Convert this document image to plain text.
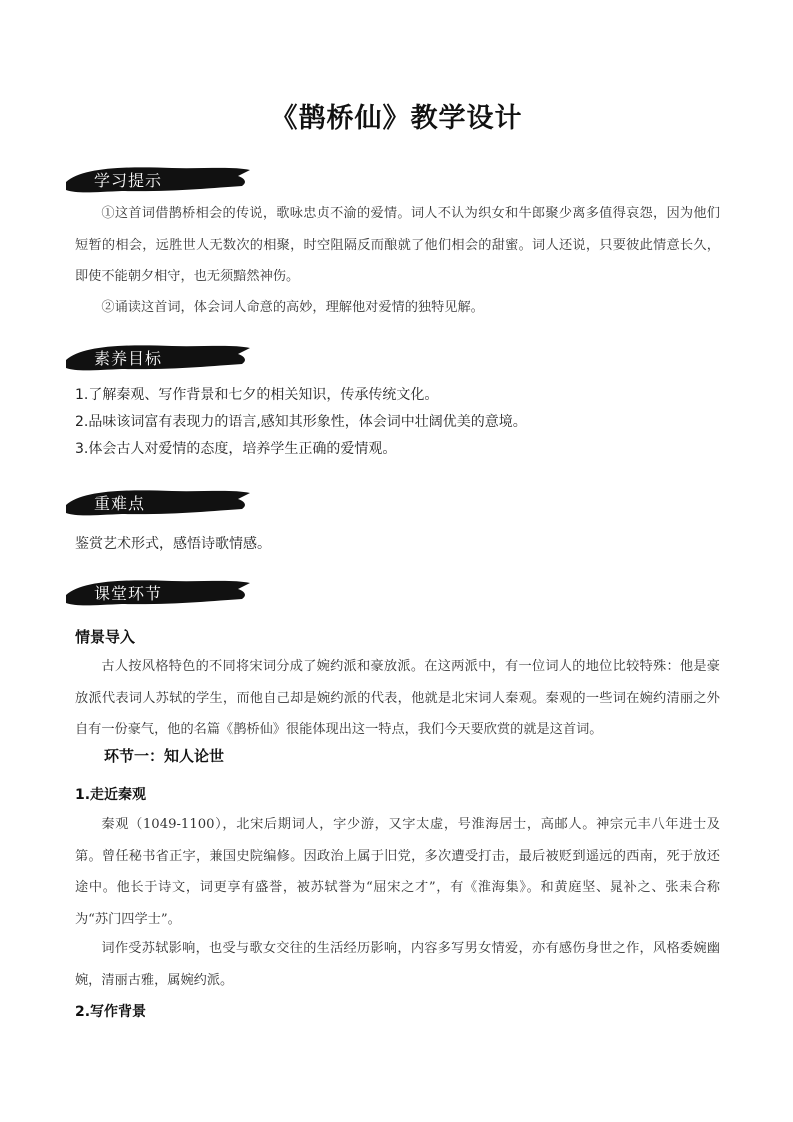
《鹊桥仙》教学设计
学习提示
①这首词借鹊桥相会的传说，歌咏忠贞不渝的爱情。词人不认为织女和牛郎聚少离多值得哀怨，因为他们短暂的相会，远胜世人无数次的相聚，时空阻隔反而酿就了他们相会的甜蜜。词人还说，只要彼此情意长久，即使不能朝夕相守，也无须黯然神伤。
②诵读这首词，体会词人命意的高妙，理解他对爱情的独特见解。
素养目标
1.了解秦观、写作背景和七夕的相关知识，传承传统文化。
2.品味该词富有表现力的语言,感知其形象性，体会词中壮阔优美的意境。
3.体会古人对爱情的态度，培养学生正确的爱情观。
重难点
鉴赏艺术形式，感悟诗歌情感。
课堂环节
情景导入
古人按风格特色的不同将宋词分成了婉约派和豪放派。在这两派中，有一位词人的地位比较特殊：他是豪放派代表词人苏轼的学生，而他自己却是婉约派的代表，他就是北宋词人秦观。秦观的一些词在婉约清丽之外自有一份豪气，他的名篇《鹊桥仙》很能体现出这一特点，我们今天要欣赏的就是这首词。
环节一：知人论世
1.走近秦观
秦观（1049-1100），北宋后期词人，字少游，又字太虚，号淮海居士，高邮人。神宗元丰八年进士及第。曾任秘书省正字，兼国史院编修。因政治上属于旧党，多次遭受打击，最后被贬到遥远的西南，死于放还途中。他长于诗文，词更享有盛誉，被苏轼誉为“屈宋之才”，有《淮海集》。和黄庭坚、晁补之、张耒合称为“苏门四学士”。
词作受苏轼影响，也受与歌女交往的生活经历影响，内容多写男女情爱，亦有感伤身世之作，风格委婉幽婉，清丽古雅，属婉约派。
2.写作背景
